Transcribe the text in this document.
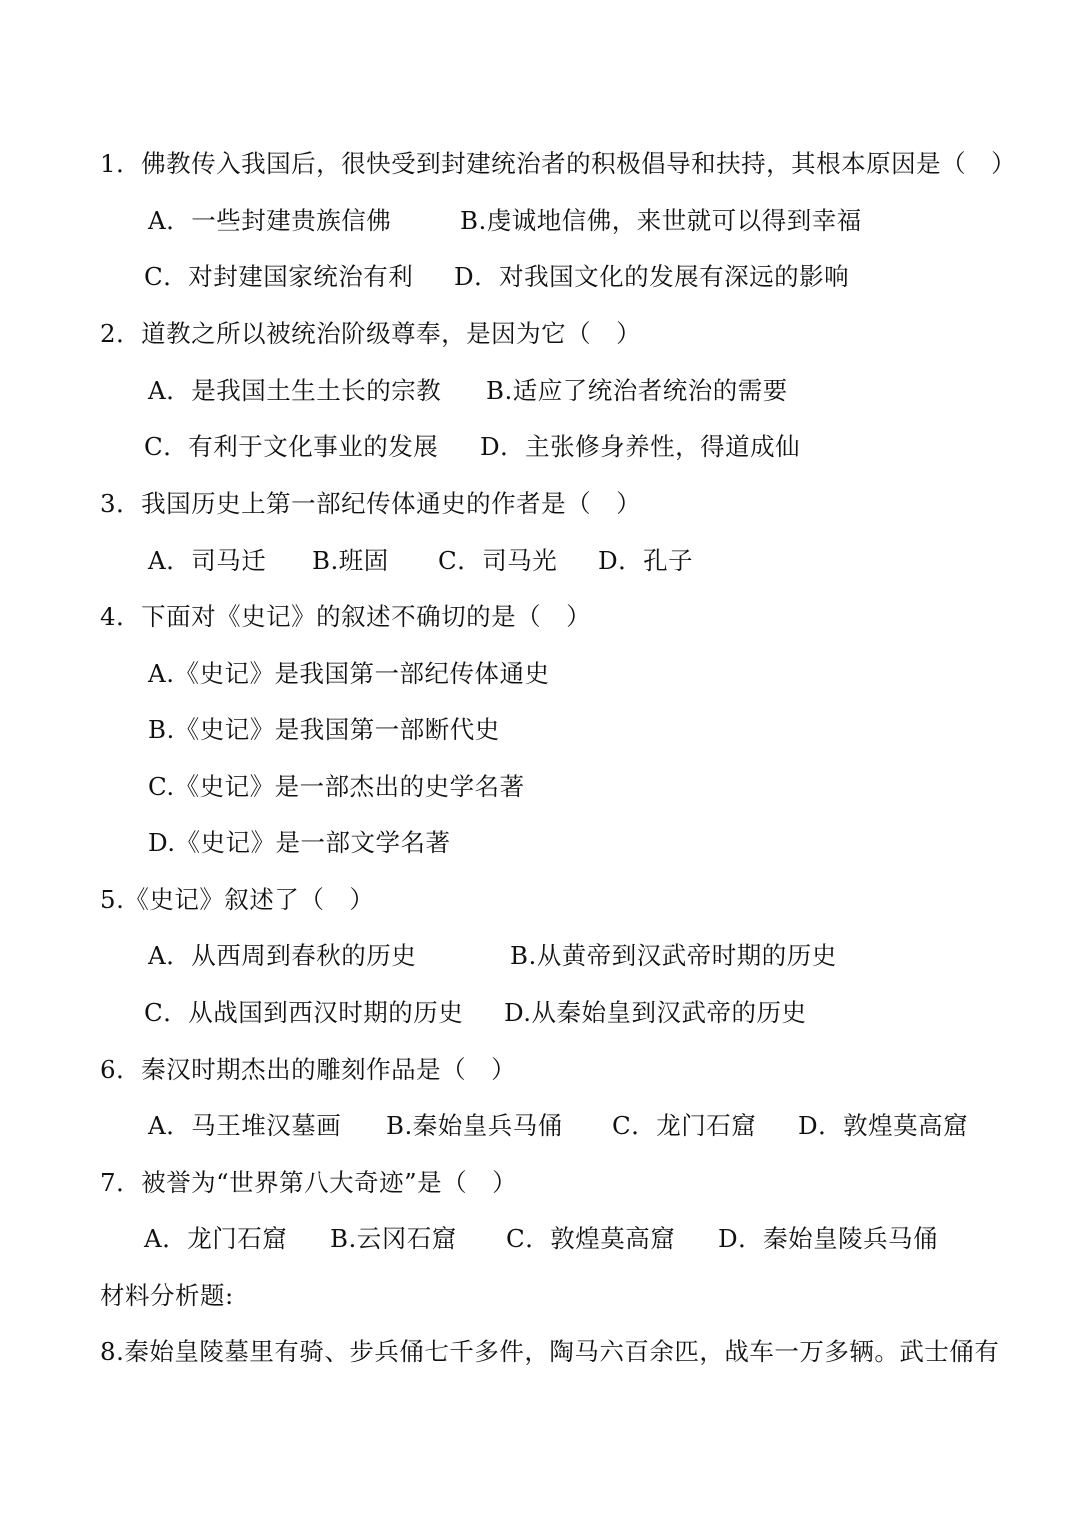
1．佛教传入我国后，很快受到封建统治者的积极倡导和扶持，其根本原因是（　）
A．一些封建贵族信佛	B.虔诚地信佛，来世就可以得到幸福
C．对封建国家统治有利 D．对我国文化的发展有深远的影响
2．道教之所以被统治阶级尊奉，是因为它（　）
A．是我国土生土长的宗教 B.适应了统治者统治的需要
C．有利于文化事业的发展 D．主张修身养性，得道成仙
3．我国历史上第一部纪传体通史的作者是（　）
A．司马迁 B.班固 C．司马光 D．孔子
4．下面对《史记》的叙述不确切的是（　）
A.《史记》是我国第一部纪传体通史
B.《史记》是我国第一部断代史
C.《史记》是一部杰出的史学名著
D.《史记》是一部文学名著
5.《史记》叙述了（　）
A．从西周到春秋的历史	B.从黄帝到汉武帝时期的历史
C．从战国到西汉时期的历史 D.从秦始皇到汉武帝的历史
6．秦汉时期杰出的雕刻作品是（　）
A．马王堆汉墓画 B.秦始皇兵马俑 C．龙门石窟 D．敦煌莫高窟
7．被誉为“世界第八大奇迹”是（　）
A．龙门石窟 B.云冈石窟 C．敦煌莫高窟 D．秦始皇陵兵马俑
材料分析题:
8.秦始皇陵墓里有骑、步兵俑七千多件，陶马六百余匹，战车一万多辆。武士俑有
